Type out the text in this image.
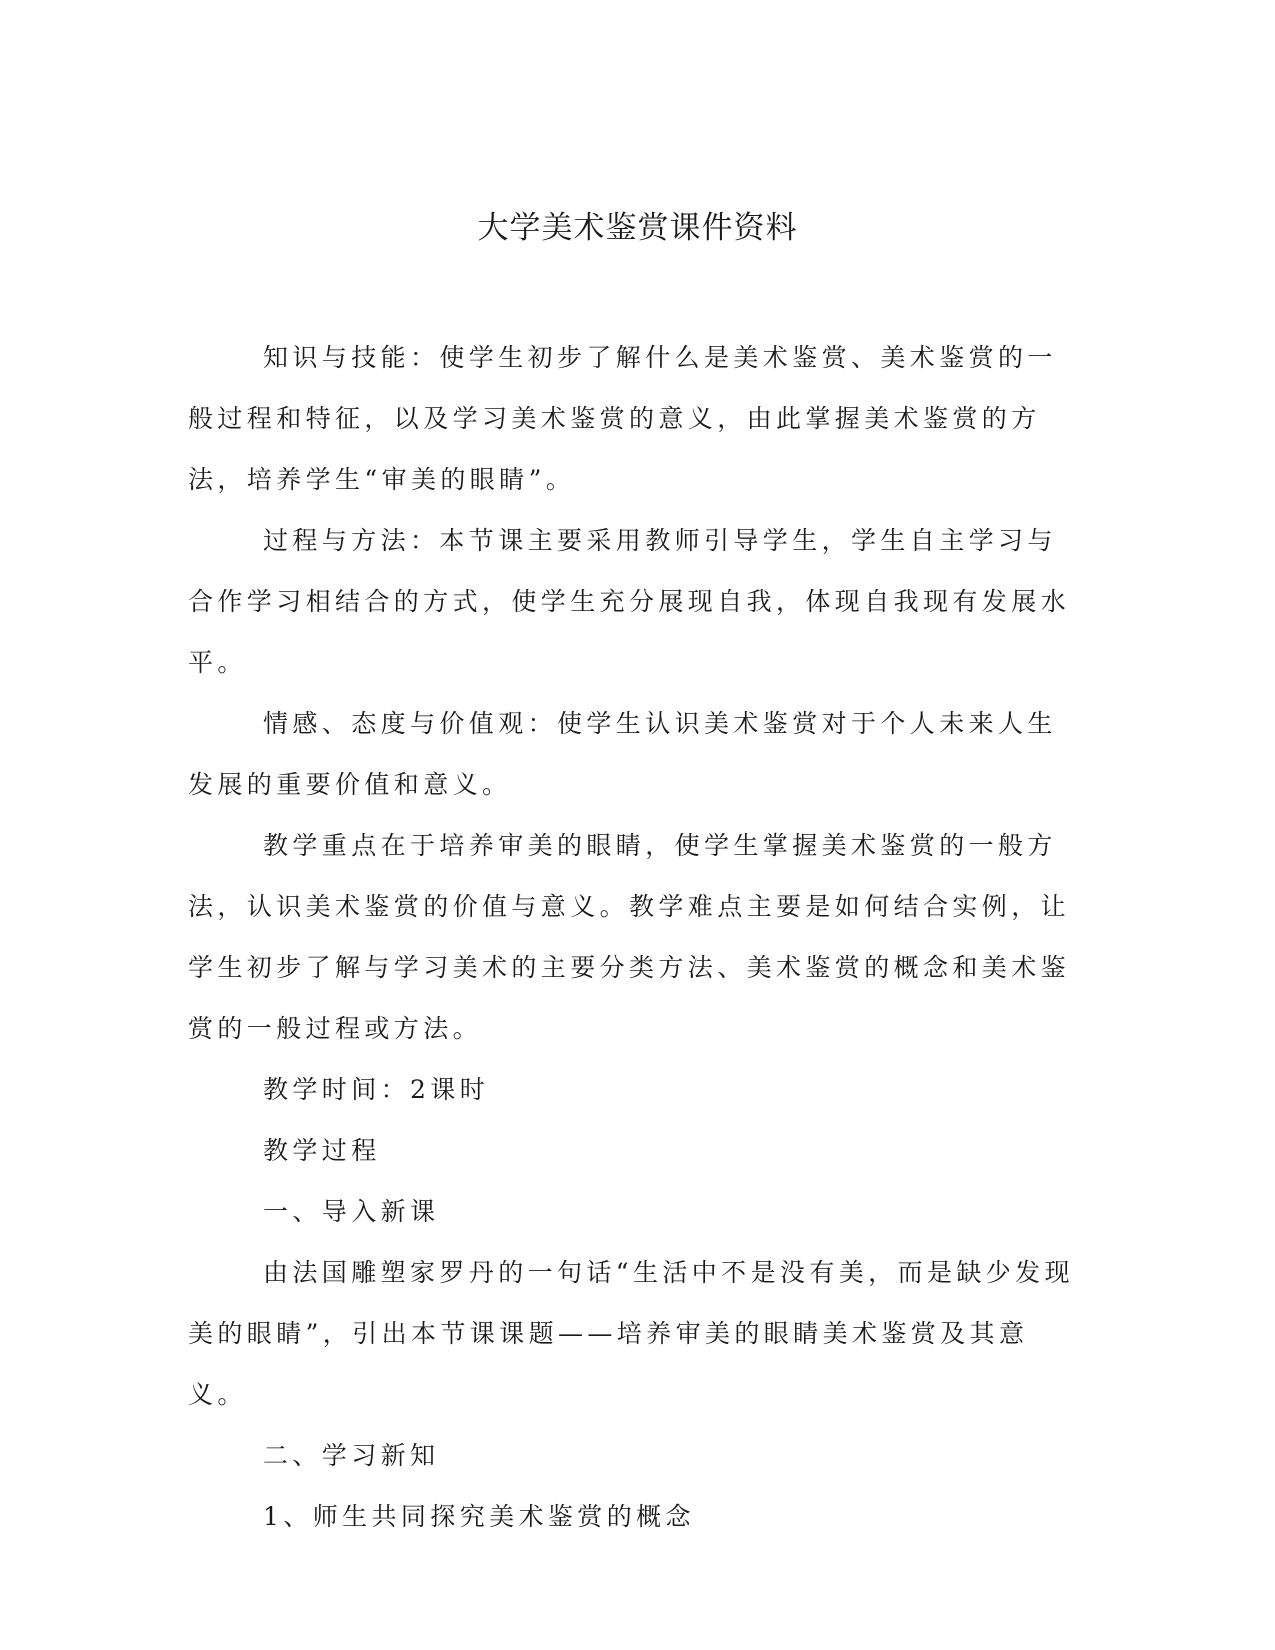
大学美术鉴赏课件资料

知识与技能：使学生初步了解什么是美术鉴赏、美术鉴赏的一般过程和特征，以及学习美术鉴赏的意义，由此掌握美术鉴赏的方法，培养学生“审美的眼睛”。

过程与方法：本节课主要采用教师引导学生，学生自主学习与合作学习相结合的方式，使学生充分展现自我，体现自我现有发展水平。

情感、态度与价值观：使学生认识美术鉴赏对于个人未来人生发展的重要价值和意义。

教学重点在于培养审美的眼睛，使学生掌握美术鉴赏的一般方法，认识美术鉴赏的价值与意义。教学难点主要是如何结合实例，让学生初步了解与学习美术的主要分类方法、美术鉴赏的概念和美术鉴赏的一般过程或方法。

教学时间：2课时

教学过程

一、导入新课

由法国雕塑家罗丹的一句话“生活中不是没有美，而是缺少发现美的眼睛”，引出本节课课题——培养审美的眼睛美术鉴赏及其意义。

二、学习新知

1、师生共同探究美术鉴赏的概念
